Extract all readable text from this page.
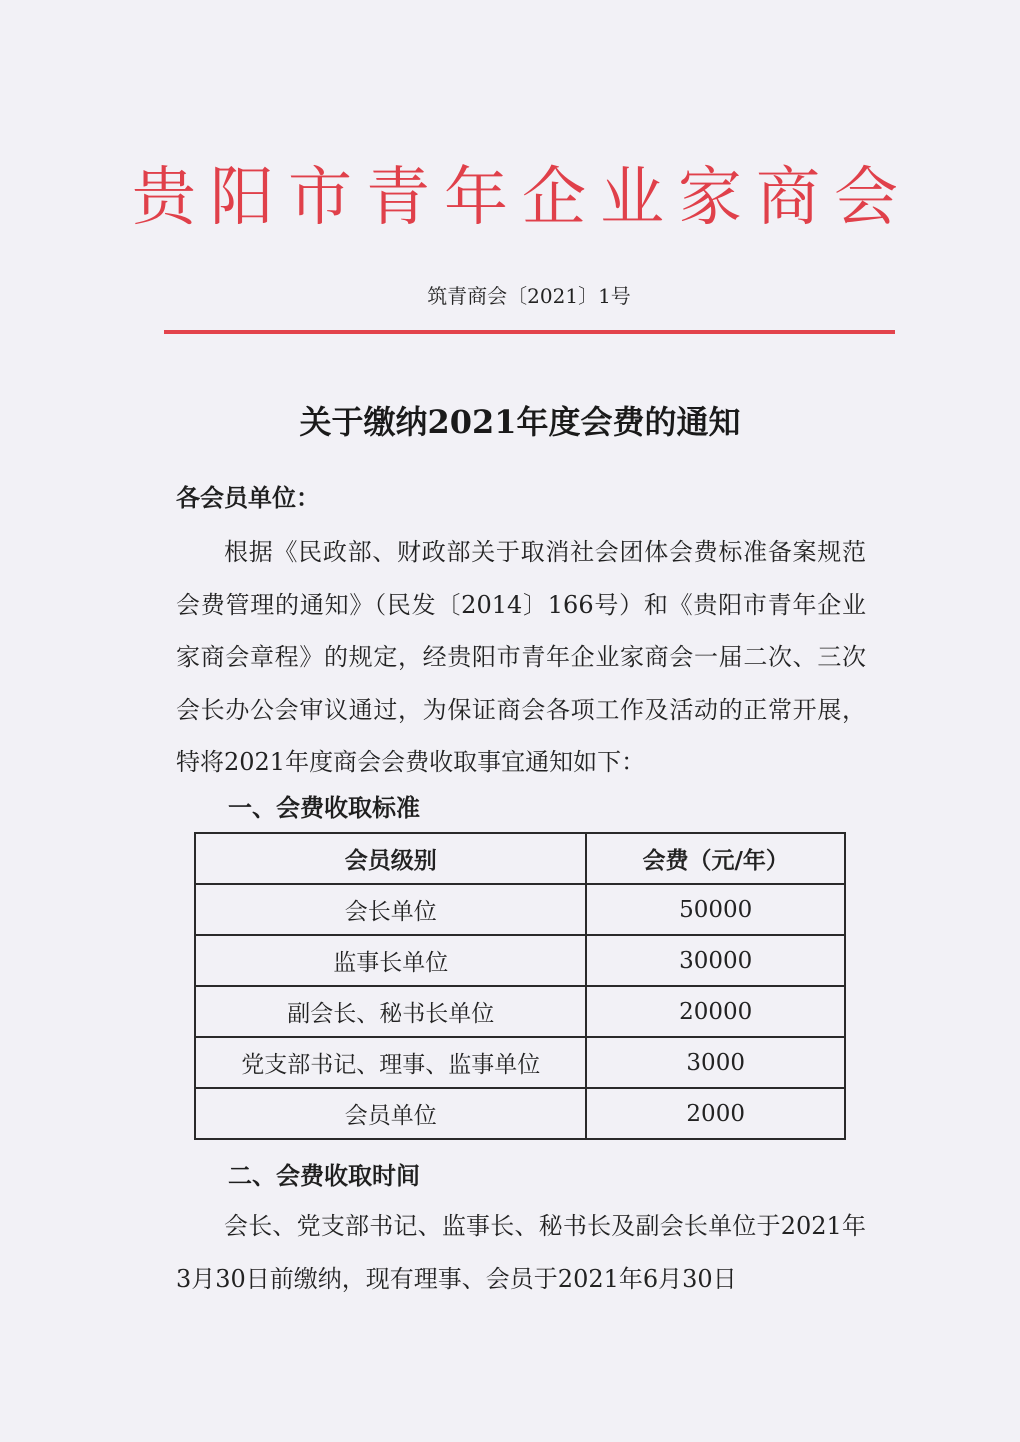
贵阳市青年企业家商会
筑青商会〔2021〕1号
关于缴纳2021年度会费的通知
各会员单位：
根据《民政部、财政部关于取消社会团体会费标准备案规范会费管理的通知》（民发〔2014〕166号）和《贵阳市青年企业家商会章程》的规定，经贵阳市青年企业家商会一届二次、三次会长办公会审议通过，为保证商会各项工作及活动的正常开展，特将2021年度商会会费收取事宜通知如下：
一、会费收取标准
会员级别	会费（元/年）
会长单位	50000
监事长单位	30000
副会长、秘书长单位	20000
党支部书记、理事、监事单位	3000
会员单位	2000
二、会费收取时间
会长、党支部书记、监事长、秘书长及副会长单位于2021年3月30日前缴纳，现有理事、会员于2021年6月30日
